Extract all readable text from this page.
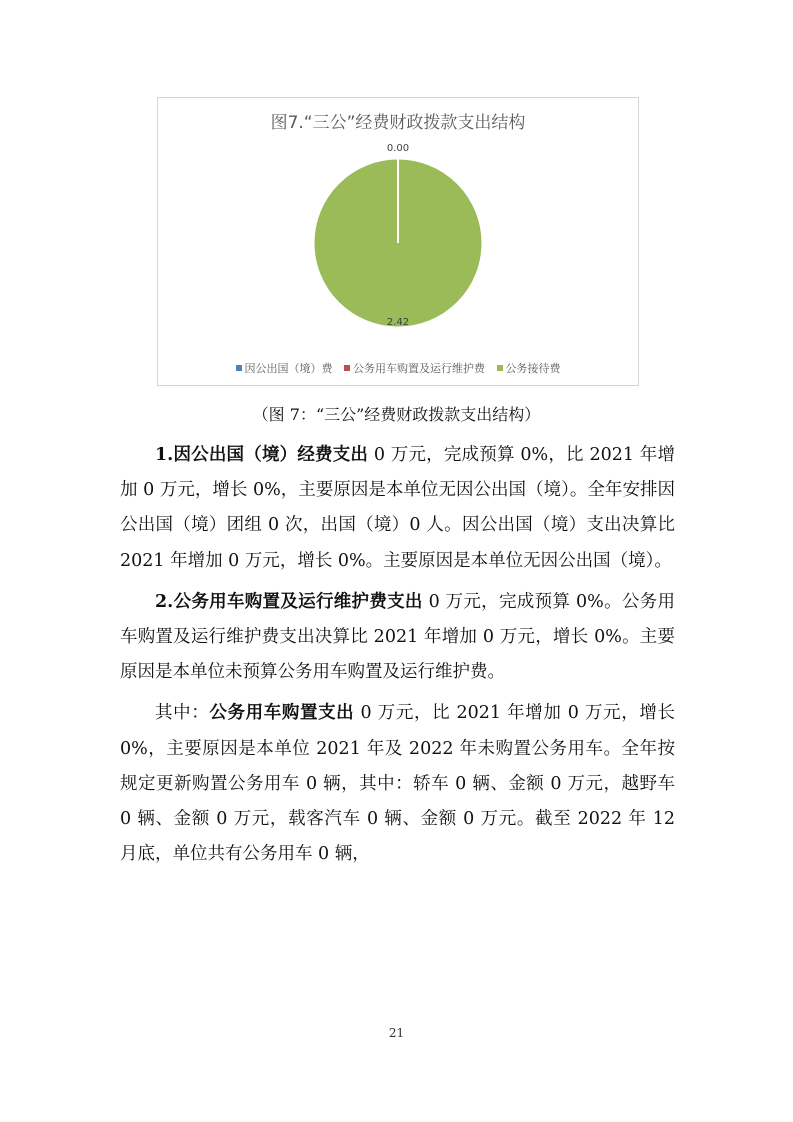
图7.“三公”经费财政拨款支出结构
0.00
2.42
因公出国（境）费 公务用车购置及运行维护费 公务接待费
（图 7：“三公”经费财政拨款支出结构）

1.因公出国（境）经费支出 0 万元，完成预算 0%，比 2021 年增加 0 万元，增长 0%，主要原因是本单位无因公出国（境）。全年安排因公出国（境）团组 0 次，出国（境）0 人。因公出国（境）支出决算比 2021 年增加 0 万元，增长 0%。主要原因是本单位无因公出国（境）。

2.公务用车购置及运行维护费支出 0 万元，完成预算 0%。公务用车购置及运行维护费支出决算比 2021 年增加 0 万元，增长 0%。主要原因是本单位未预算公务用车购置及运行维护费。

其中：公务用车购置支出 0 万元，比 2021 年增加 0 万元，增长 0%，主要原因是本单位 2021 年及 2022 年未购置公务用车。全年按规定更新购置公务用车 0 辆，其中：轿车 0 辆、金额 0 万元，越野车 0 辆、金额 0 万元，载客汽车 0 辆、金额 0 万元。截至 2022 年 12 月底，单位共有公务用车 0 辆，

21
